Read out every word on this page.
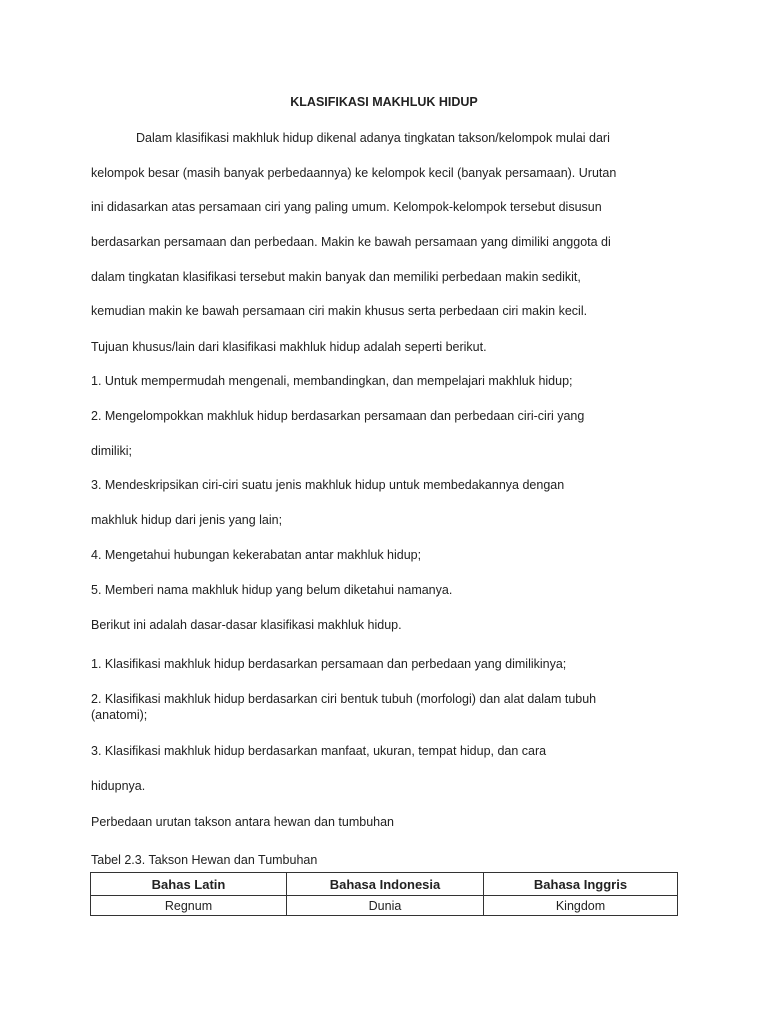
KLASIFIKASI MAKHLUK HIDUP
Dalam klasifikasi makhluk hidup dikenal adanya tingkatan takson/kelompok mulai dari
kelompok besar (masih banyak perbedaannya) ke kelompok kecil (banyak persamaan). Urutan
ini didasarkan atas persamaan ciri yang paling umum. Kelompok-kelompok tersebut disusun
berdasarkan persamaan dan perbedaan. Makin ke bawah persamaan yang dimiliki anggota di
dalam tingkatan klasifikasi tersebut makin banyak dan memiliki perbedaan makin sedikit,
kemudian makin ke bawah persamaan ciri makin khusus serta perbedaan ciri makin kecil.
Tujuan khusus/lain dari klasifikasi makhluk hidup adalah seperti berikut.
1. Untuk mempermudah mengenali, membandingkan, dan mempelajari makhluk hidup;
2. Mengelompokkan makhluk hidup berdasarkan persamaan dan perbedaan ciri-ciri yang
dimiliki;
3. Mendeskripsikan ciri-ciri suatu jenis makhluk hidup untuk membedakannya dengan
makhluk hidup dari jenis yang lain;
4. Mengetahui hubungan kekerabatan antar makhluk hidup;
5. Memberi nama makhluk hidup yang belum diketahui namanya.
Berikut ini adalah dasar-dasar klasifikasi makhluk hidup.
1. Klasifikasi makhluk hidup berdasarkan persamaan dan perbedaan yang dimilikinya;
2. Klasifikasi makhluk hidup berdasarkan ciri bentuk tubuh (morfologi) dan alat dalam tubuh (anatomi);
3. Klasifikasi makhluk hidup berdasarkan manfaat, ukuran, tempat hidup, dan cara
hidupnya.
Perbedaan urutan takson antara hewan dan tumbuhan
Tabel 2.3. Takson Hewan dan Tumbuhan
Bahas Latin	Bahasa Indonesia	Bahasa Inggris
Regnum	Dunia	Kingdom
